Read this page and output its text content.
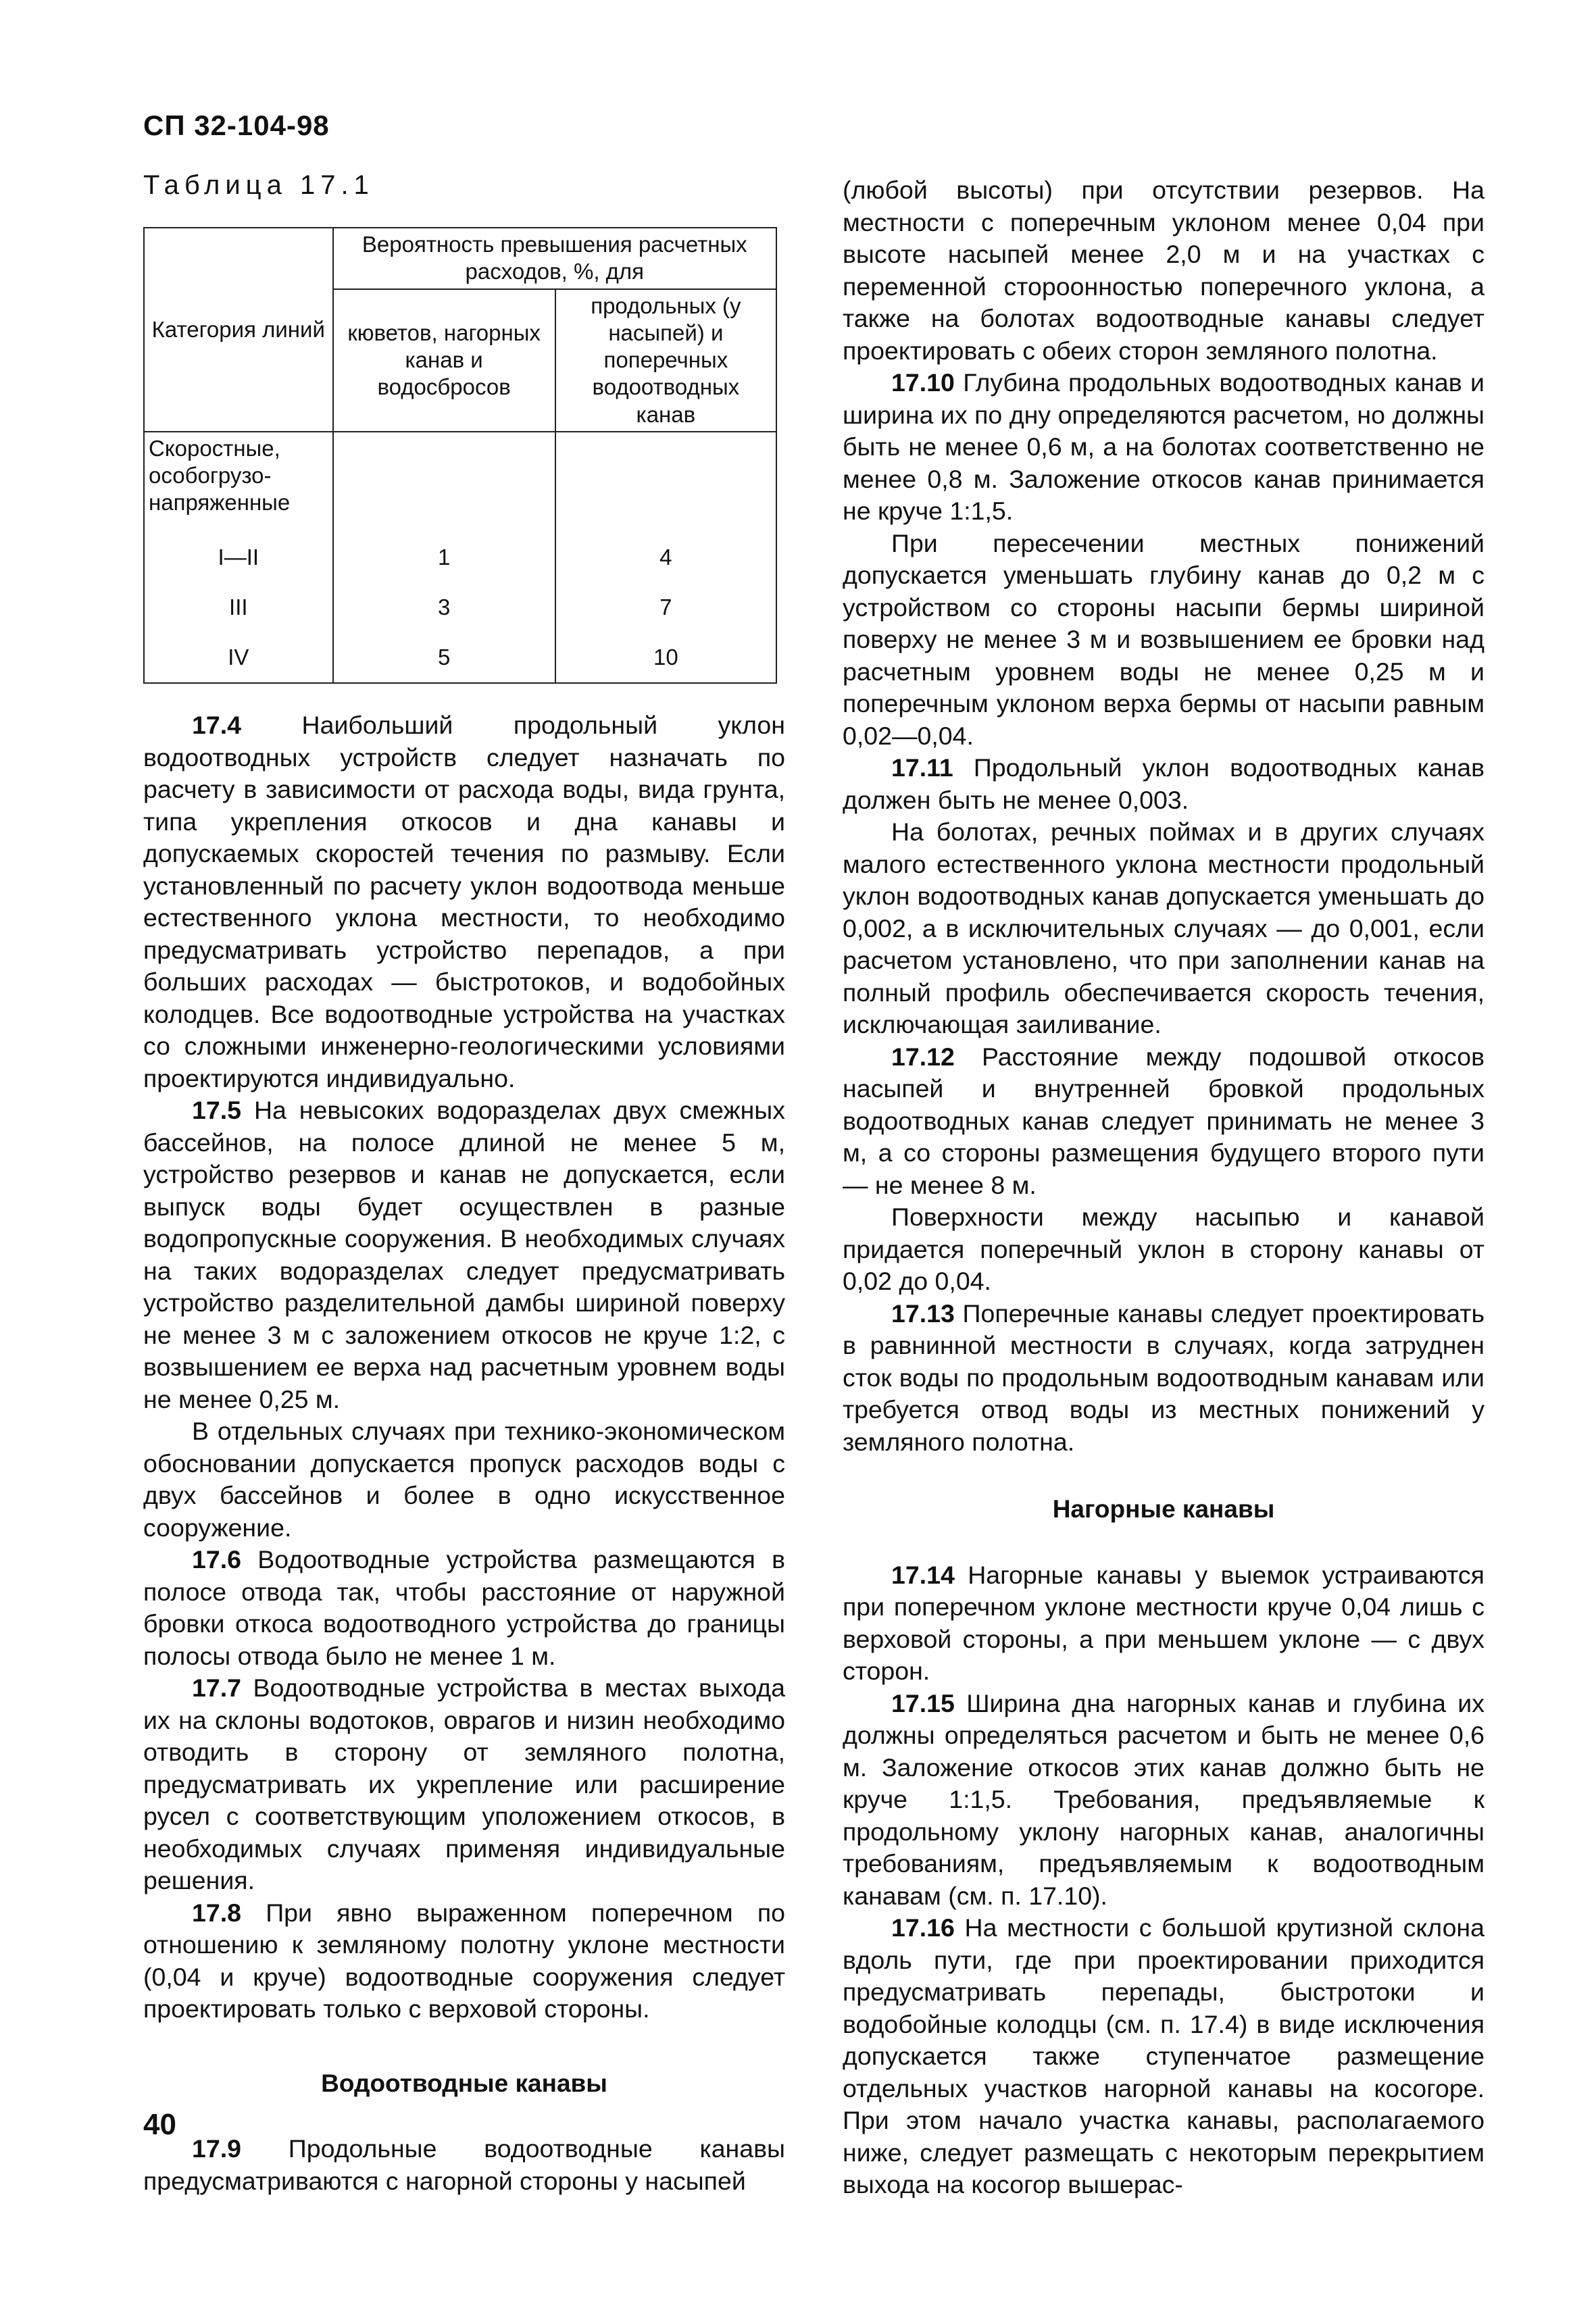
СП 32-104-98
Таблица 17.1
Категория линий	Вероятность превышения расчетных расходов, %, для	
	кюветов, нагорных канав и водосбросов	продольных (у насыпей) и поперечных водоотводных канав
Скоростные, особогрузо-напряженные		
I—II	1	4
III	3	7
IV	5	10

17.4 Наибольший продольный уклон водоотводных устройств следует назначать по расчету в зависимости от расхода воды, вида грунта, типа укрепления откосов и дна канавы и допускаемых скоростей течения по размыву. Если установленный по расчету уклон водоотвода меньше естественного уклона местности, то необходимо предусматривать устройство перепадов, а при больших расходах — быстротоков, и водобойных колодцев. Все водоотводные устройства на участках со сложными инженерно-геологическими условиями проектируются индивидуально.

17.5 На невысоких водоразделах двух смежных бассейнов, на полосе длиной не менее 5 м, устройство резервов и канав не допускается, если выпуск воды будет осуществлен в разные водопропускные сооружения. В необходимых случаях на таких водоразделах следует предусматривать устройство разделительной дамбы шириной поверху не менее 3 м с заложением откосов не круче 1:2, с возвышением ее верха над расчетным уровнем воды не менее 0,25 м.

В отдельных случаях при технико-экономическом обосновании допускается пропуск расходов воды с двух бассейнов и более в одно искусственное сооружение.

17.6 Водоотводные устройства размещаются в полосе отвода так, чтобы расстояние от наружной бровки откоса водоотводного устройства до границы полосы отвода было не менее 1 м.

17.7 Водоотводные устройства в местах выхода их на склоны водотоков, оврагов и низин необходимо отводить в сторону от земляного полотна, предусматривать их укрепление или расширение русел с соответствующим уположением откосов, в необходимых случаях применяя индивидуальные решения.

17.8 При явно выраженном поперечном по отношению к земляному полотну уклоне местности (0,04 и круче) водоотводные сооружения следует проектировать только с верховой стороны.

Водоотводные канавы

17.9 Продольные водоотводные канавы предусматриваются с нагорной стороны у насыпей

(любой высоты) при отсутствии резервов. На местности с поперечным уклоном менее 0,04 при высоте насыпей менее 2,0 м и на участках с переменной стороонностью поперечного уклона, а также на болотах водоотводные канавы следует проектировать с обеих сторон земляного полотна.

17.10 Глубина продольных водоотводных канав и ширина их по дну определяются расчетом, но должны быть не менее 0,6 м, а на болотах соответственно не менее 0,8 м. Заложение откосов канав принимается не круче 1:1,5.

При пересечении местных понижений допускается уменьшать глубину канав до 0,2 м с устройством со стороны насыпи бермы шириной поверху не менее 3 м и возвышением ее бровки над расчетным уровнем воды не менее 0,25 м и поперечным уклоном верха бермы от насыпи равным 0,02—0,04.

17.11 Продольный уклон водоотводных канав должен быть не менее 0,003.

На болотах, речных поймах и в других случаях малого естественного уклона местности продольный уклон водоотводных канав допускается уменьшать до 0,002, а в исключительных случаях — до 0,001, если расчетом установлено, что при заполнении канав на полный профиль обеспечивается скорость течения, исключающая заиливание.

17.12 Расстояние между подошвой откосов насыпей и внутренней бровкой продольных водоотводных канав следует принимать не менее 3 м, а со стороны размещения будущего второго пути — не менее 8 м.

Поверхности между насыпью и канавой придается поперечный уклон в сторону канавы от 0,02 до 0,04.

17.13 Поперечные канавы следует проектировать в равнинной местности в случаях, когда затруднен сток воды по продольным водоотводным канавам или требуется отвод воды из местных понижений у земляного полотна.

Нагорные канавы

17.14 Нагорные канавы у выемок устраиваются при поперечном уклоне местности круче 0,04 лишь с верховой стороны, а при меньшем уклоне — с двух сторон.

17.15 Ширина дна нагорных канав и глубина их должны определяться расчетом и быть не менее 0,6 м. Заложение откосов этих канав должно быть не круче 1:1,5. Требования, предъявляемые к продольному уклону нагорных канав, аналогичны требованиям, предъявляемым к водоотводным канавам (см. п. 17.10).

17.16 На местности с большой крутизной склона вдоль пути, где при проектировании приходится предусматривать перепады, быстротоки и водобойные колодцы (см. п. 17.4) в виде исключения допускается также ступенчатое размещение отдельных участков нагорной канавы на косогоре. При этом начало участка канавы, располагаемого ниже, следует размещать с некоторым перекрытием выхода на косогор вышерас-

40
